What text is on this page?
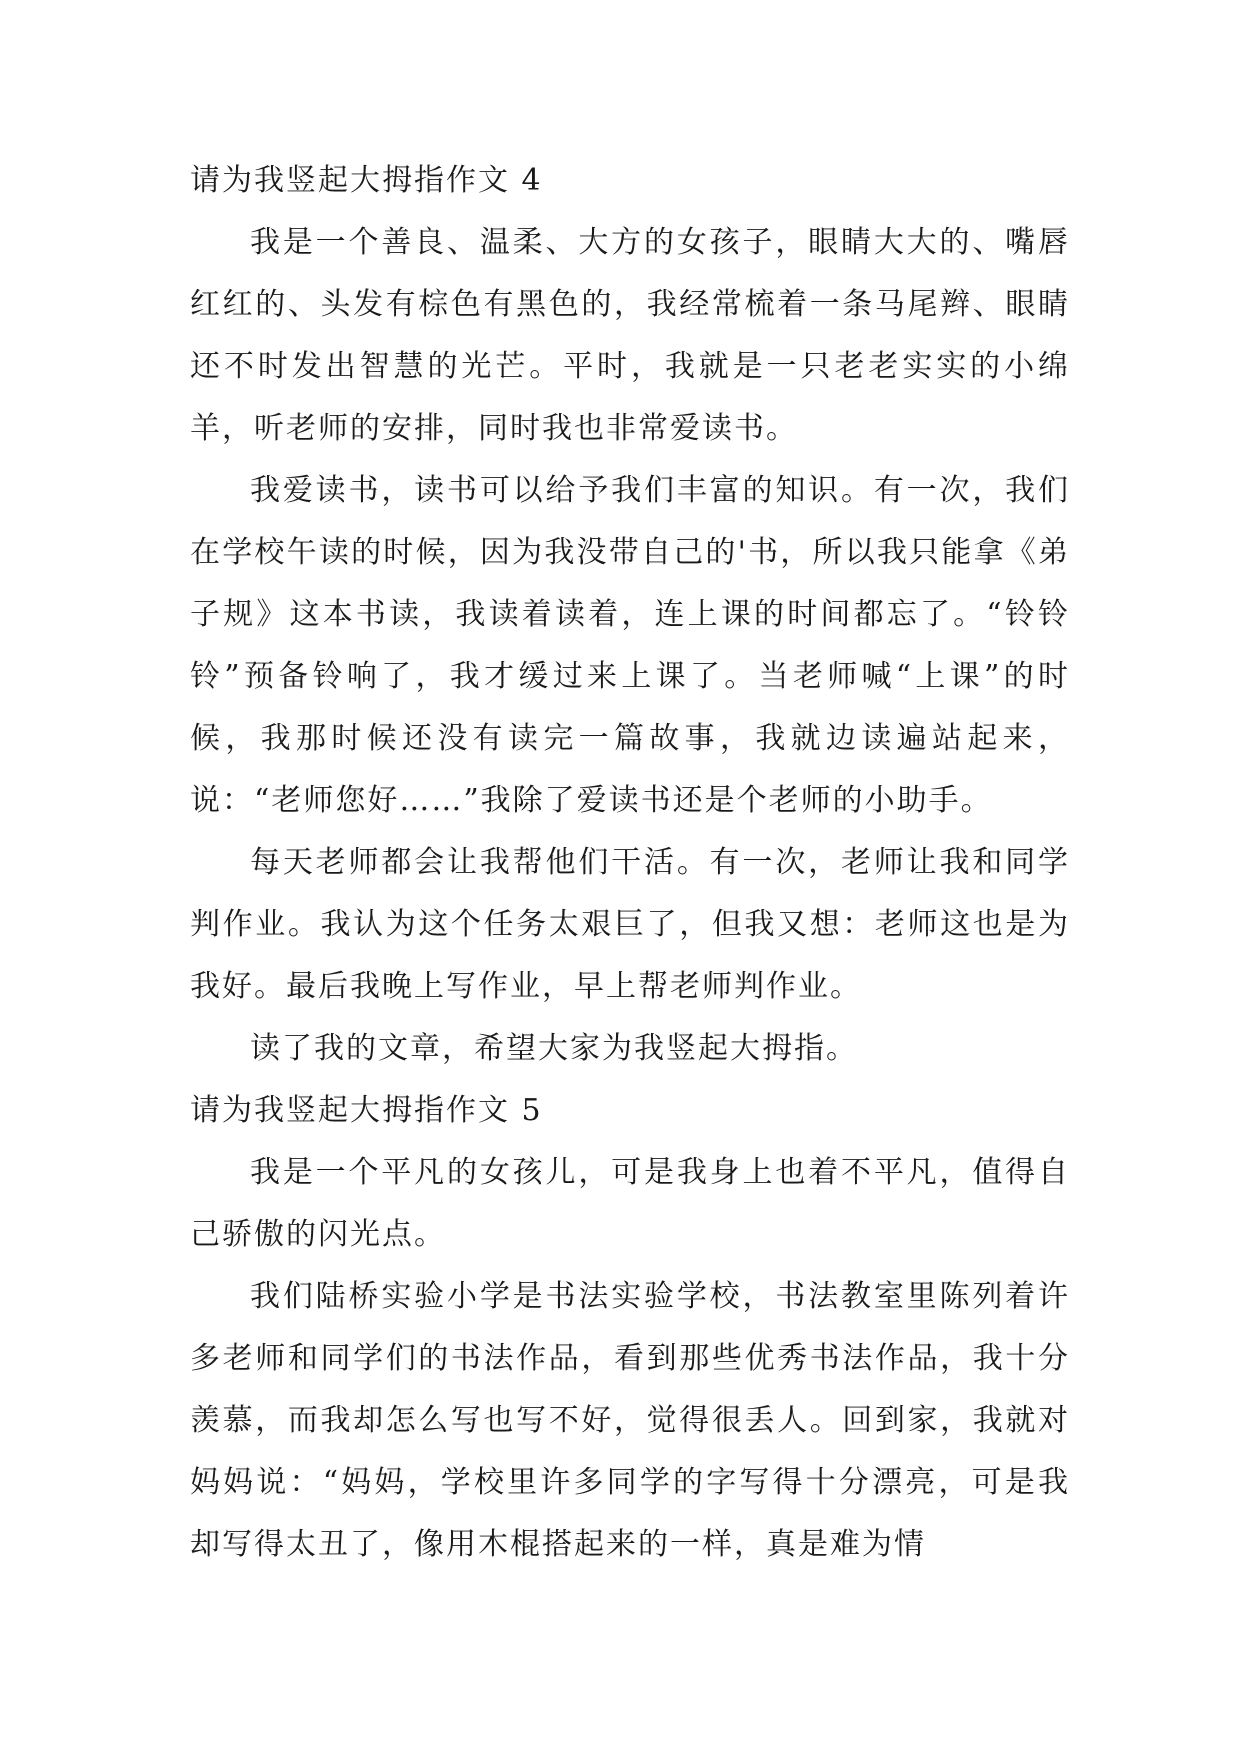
请为我竖起大拇指作文 4

我是一个善良、温柔、大方的女孩子，眼睛大大的、嘴唇红红的、头发有棕色有黑色的，我经常梳着一条马尾辫、眼睛还不时发出智慧的光芒。平时，我就是一只老老实实的小绵羊，听老师的安排，同时我也非常爱读书。

我爱读书，读书可以给予我们丰富的知识。有一次，我们在学校午读的时候，因为我没带自己的'书，所以我只能拿《弟子规》这本书读，我读着读着，连上课的时间都忘了。“铃铃铃”预备铃响了，我才缓过来上课了。当老师喊“上课”的时候，我那时候还没有读完一篇故事，我就边读遍站起来，说：“老师您好……”我除了爱读书还是个老师的小助手。

每天老师都会让我帮他们干活。有一次，老师让我和同学判作业。我认为这个任务太艰巨了，但我又想：老师这也是为我好。最后我晚上写作业，早上帮老师判作业。

读了我的文章，希望大家为我竖起大拇指。

请为我竖起大拇指作文 5

我是一个平凡的女孩儿，可是我身上也着不平凡，值得自己骄傲的闪光点。

我们陆桥实验小学是书法实验学校，书法教室里陈列着许多老师和同学们的书法作品，看到那些优秀书法作品，我十分羡慕，而我却怎么写也写不好，觉得很丢人。回到家，我就对妈妈说：“妈妈，学校里许多同学的字写得十分漂亮，可是我却写得太丑了，像用木棍搭起来的一样，真是难为情
